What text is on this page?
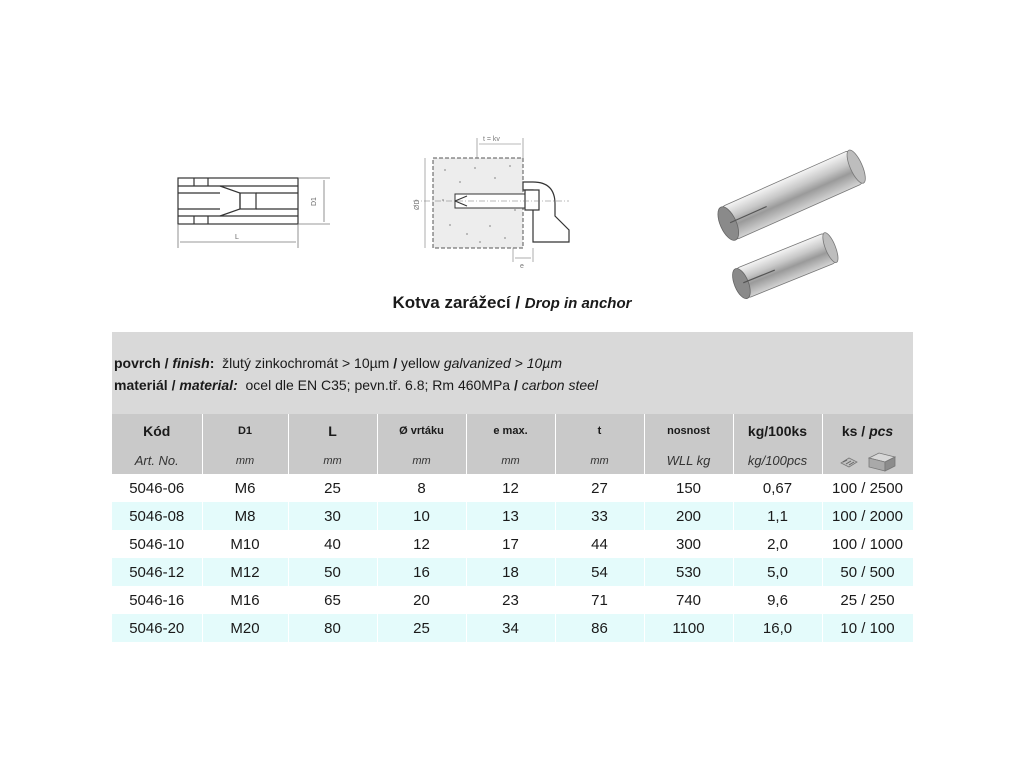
L
D1
t = kv
e
ØD
Kotva zarážecí / Drop in anchor
povrch / finish: žlutý zinkochromát > 10µm / yellow galvanized > 10µm
materiál / material: ocel dle EN C35; pevn.tř. 6.8; Rm 460MPa / carbon steel
Kód	D1	L	Ø vrtáku	e max.	t	nosnost	kg/100ks	ks / pcs
Art. No.	mm	mm	mm	mm	mm	WLL kg	kg/100pcs	

5046-06	M6	25	8	12	27	150	0,67	100 / 2500
5046-08	M8	30	10	13	33	200	1,1	100 / 2000
5046-10	M10	40	12	17	44	300	2,0	100 / 1000
5046-12	M12	50	16	18	54	530	5,0	50 / 500
5046-16	M16	65	20	23	71	740	9,6	25 / 250
5046-20	M20	80	25	34	86	1100	16,0	10 / 100
